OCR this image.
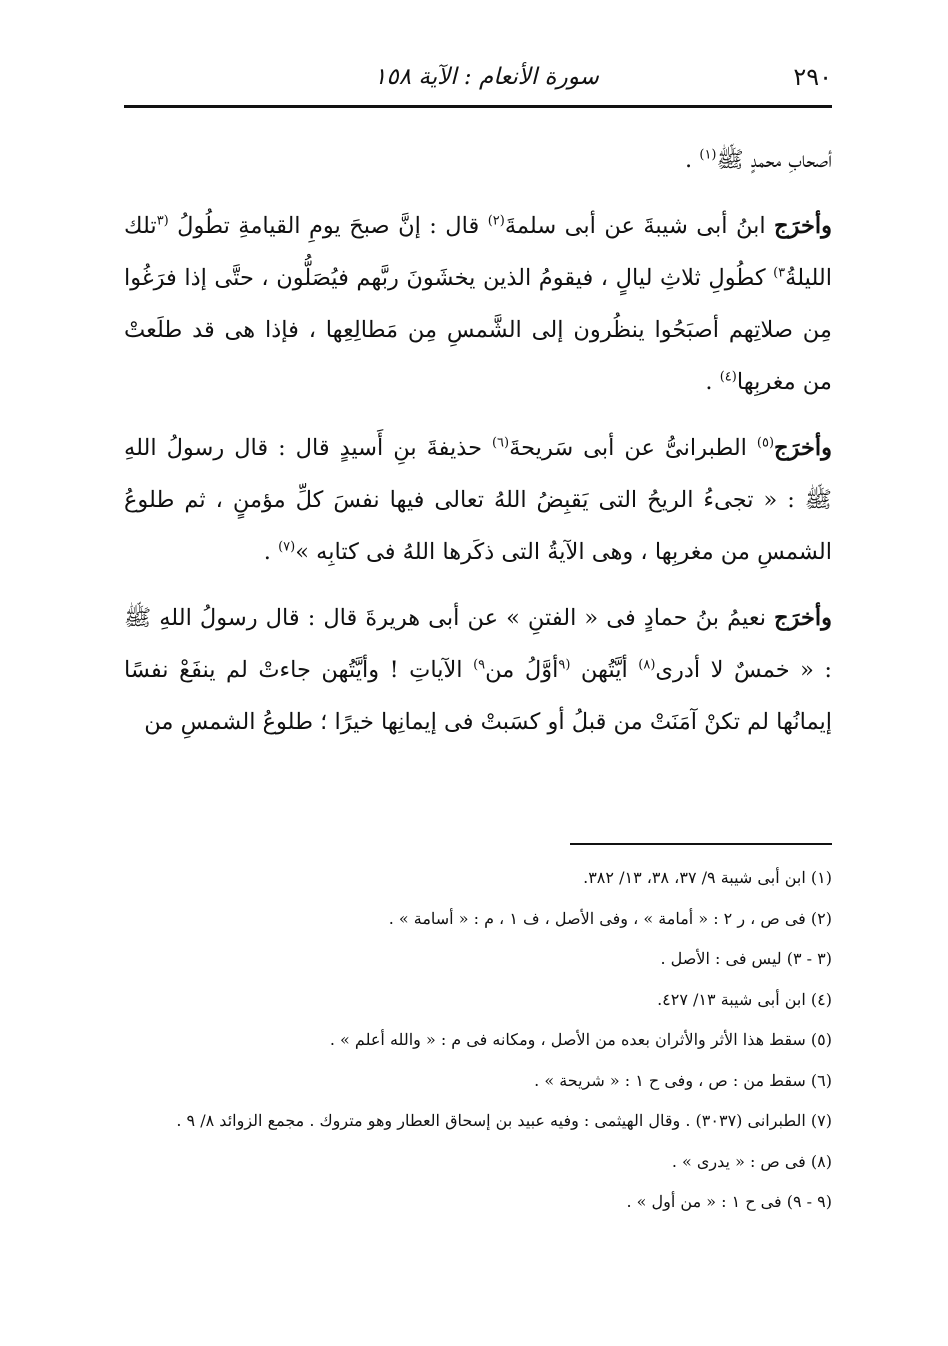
٢٩٠
سورة الأنعام : الآية ١٥٨

أصحابِ محمدٍ ﷺ$^{(١)}$ .

وأخرَج ابنُ أبى شيبةَ عن أبى سلمةَ$^{(٢)}$ قال : إنَّ صبحَ يومِ القيامةِ تطُولُ $^{(٣}$تلك الليلةُ$^{٣)}$ كطُولِ ثلاثِ ليالٍ ، فيقومُ الذين يخشَونَ ربَّهم فيُصَلُّون ، حتَّى إذا فرَغُوا مِن صلاتِهم أصبَحُوا ينظُرون إلى الشَّمسِ مِن مَطالِعِها ، فإذا هى قد طلَعتْ من مغربِها$^{(٤)}$ .

وأخرَج$^{(٥)}$ الطبرانىُّ عن أبى سَريحةَ$^{(٦)}$ حذيفةَ بنِ أَسيدٍ قال : قال رسولُ اللهِ ﷺ : « تجىءُ الريحُ التى يَقبِضُ اللهُ تعالى فيها نفسَ كلِّ مؤمنٍ ، ثم طلوعُ الشمسِ من مغربِها ، وهى الآيةُ التى ذكَرها اللهُ فى كتابِه »$^{(٧)}$ .

وأخرَج نعيمُ بنُ حمادٍ فى « الفتنِ » عن أبى هريرةَ قال : قال رسولُ اللهِ ﷺ : « خمسٌ لا أدرى$^{(٨)}$ أيَّتُهن $^{(٩}$أوَّلُ من$^{٩)}$ الآياتِ ! وأيَّتُهن جاءتْ لم ينفَعْ نفسًا إيمانُها لم تكنْ آمَنَتْ من قبلُ أو كسَبتْ فى إيمانِها خيرًا ؛ طلوعُ الشمسِ من

(١) ابن أبى شيبة ٩/ ٣٧، ٣٨، ١٣/ ٣٨٢.
(٢) فى ص ، ر ٢ : « أمامة » ، وفى الأصل ، ف ١ ، م : « أسامة » .
(٣ - ٣) ليس فى : الأصل .
(٤) ابن أبى شيبة ١٣/ ٤٢٧.
(٥) سقط هذا الأثر والأثران بعده من الأصل ، ومكانه فى م : « والله أعلم » .
(٦) سقط من : ص ، وفى ح ١ : « شريحة » .
(٧) الطبرانى (٣٠٣٧) . وقال الهيثمى : وفيه عبيد بن إسحاق العطار وهو متروك . مجمع الزوائد ٨/ ٩ .
(٨) فى ص : « يدرى » .
(٩ - ٩) فى ح ١ : « من أول » .
